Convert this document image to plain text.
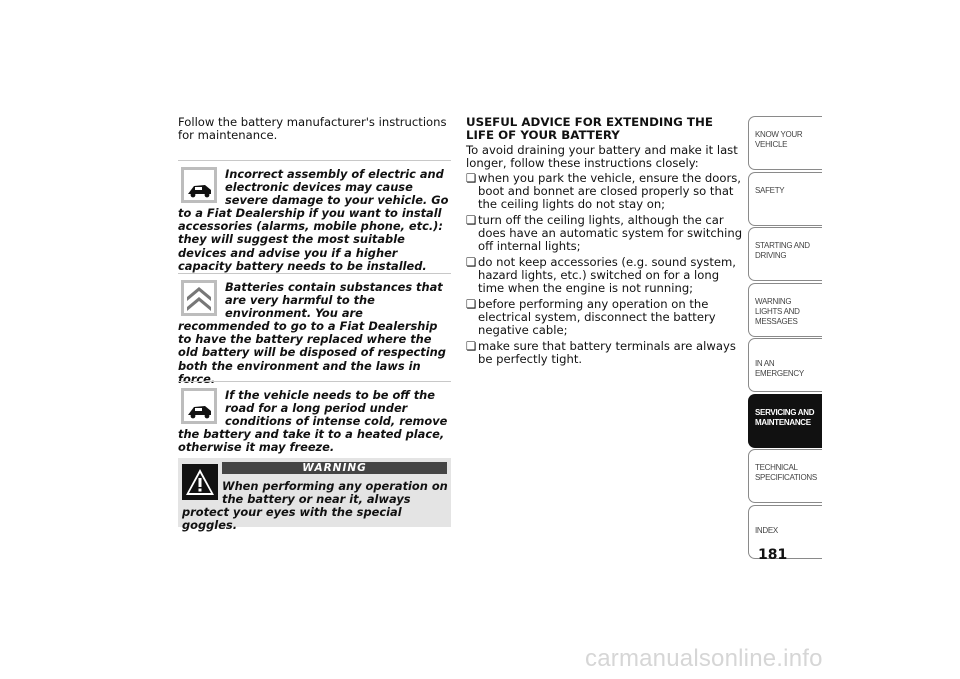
Follow the battery manufacturer's instructions for maintenance.
Incorrect assembly of electric and electronic devices may cause severe damage to your vehicle. Go to a Fiat Dealership if you want to install accessories (alarms, mobile phone, etc.): they will suggest the most suitable devices and advise you if a higher capacity battery needs to be installed.
Batteries contain substances that are very harmful to the environment. You are recommended to go to a Fiat Dealership to have the battery replaced where the old battery will be disposed of respecting both the environment and the laws in force.
If the vehicle needs to be off the road for a long period under conditions of intense cold, remove the battery and take it to a heated place, otherwise it may freeze.
WARNING
When performing any operation on the battery or near it, always protect your eyes with the special goggles.
USEFUL ADVICE FOR EXTENDING THE LIFE OF YOUR BATTERY
To avoid draining your battery and make it last longer, follow these instructions closely:
❏ when you park the vehicle, ensure the doors, boot and bonnet are closed properly so that the ceiling lights do not stay on;
❏ turn off the ceiling lights, although the car does have an automatic system for switching off internal lights;
❏ do not keep accessories (e.g. sound system, hazard lights, etc.) switched on for a long time when the engine is not running;
❏ before performing any operation on the electrical system, disconnect the battery negative cable;
❏ make sure that battery terminals are always be perfectly tight.
KNOW YOUR VEHICLE
SAFETY
STARTING AND DRIVING
WARNING LIGHTS AND MESSAGES
IN AN EMERGENCY
SERVICING AND MAINTENANCE
TECHNICAL SPECIFICATIONS
INDEX
181
carmanualsonline.info
